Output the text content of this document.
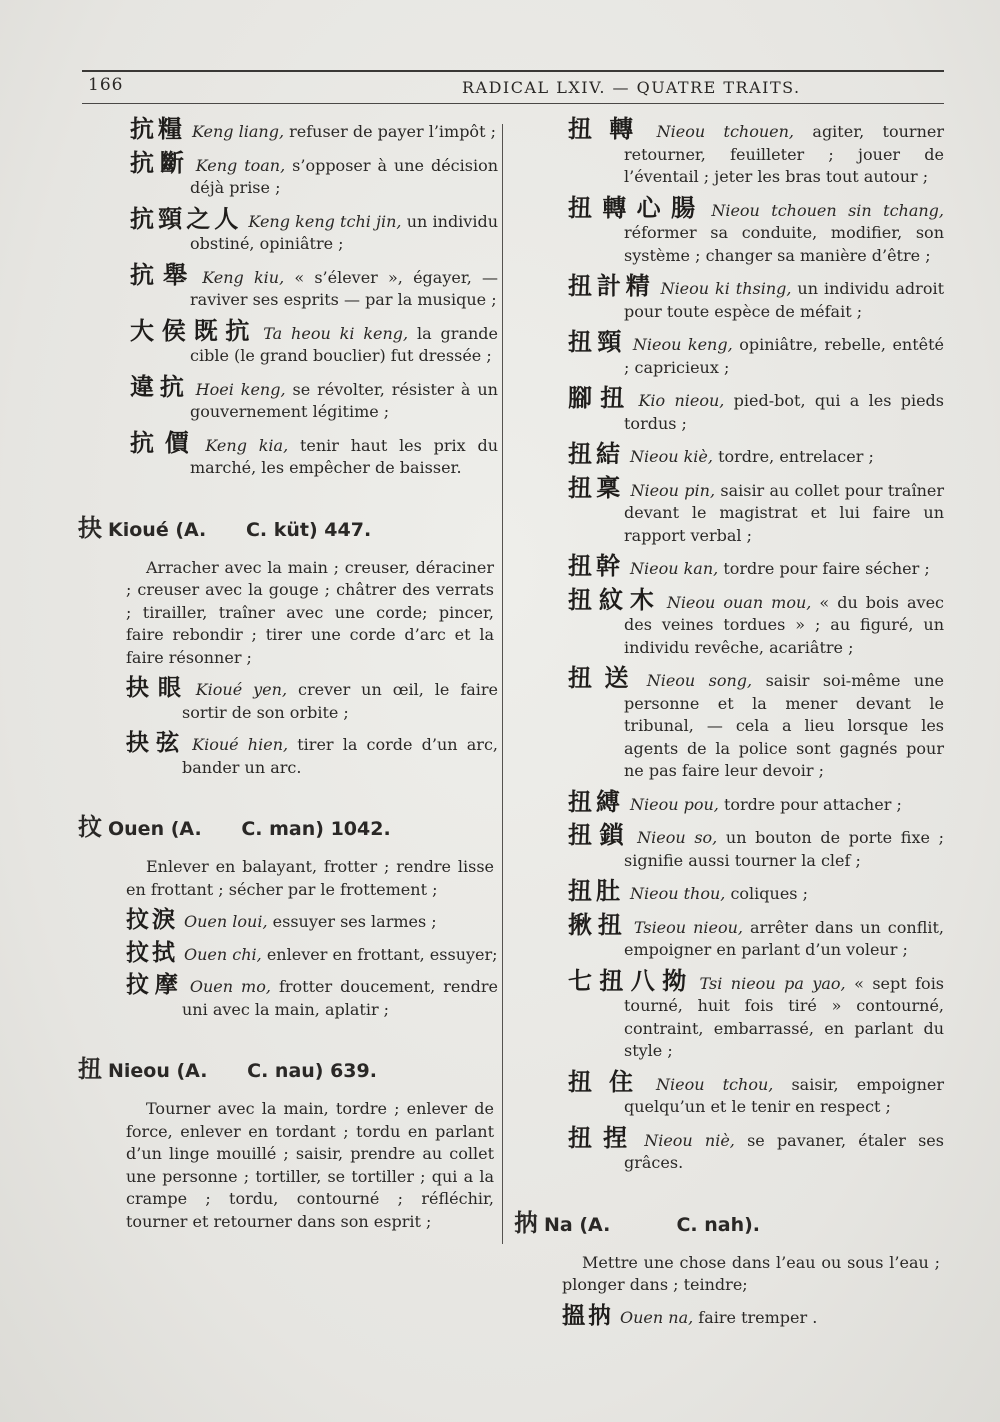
166	RADICAL LXIV. — QUATRE TRAITS.
抗糧 Keng liang, refuser de payer l’impôt ;
抗斷 Keng toan, s’opposer à une décision déjà prise ;
抗頸之人 Keng keng tchi jin, un individu obstiné, opiniâtre ;
抗舉 Keng kiu, « s’élever », égayer, — raviver ses esprits — par la musique ;
大侯既抗 Ta heou ki keng, la grande cible (le grand bouclier) fut dressée ;
違抗 Hoei keng, se révolter, résister à un gouvernement légitime ;
抗價 Keng kia, tenir haut les prix du marché, les empêcher de baisser.
抉 Kioué (A.      C. küt) 447.
Arracher avec la main ; creuser, déraciner ; creuser avec la gouge ; châtrer des verrats ; tirailler, traîner avec une corde; pincer, faire rebondir ; tirer une corde d’arc et la faire résonner ;
抉眼 Kioué yen, crever un œil, le faire sortir de son orbite ;
抉弦 Kioué hien, tirer la corde d’un arc, bander un arc.
抆 Ouen (A.      C. man) 1042.
Enlever en balayant, frotter ; rendre lisse en frottant ; sécher par le frottement ;
抆淚 Ouen loui, essuyer ses larmes ;
抆拭 Ouen chi, enlever en frottant, essuyer;
抆摩 Ouen mo, frotter doucement, rendre uni avec la main, aplatir ;
扭 Nieou (A.      C. nau) 639.
Tourner avec la main, tordre ; enlever de force, enlever en tordant ; tordu en parlant d’un linge mouillé ; saisir, prendre au collet une personne ; tortiller, se tortiller ; qui a la crampe ; tordu, contourné ; réfléchir, tourner et retourner dans son esprit ;
扭轉 Nieou tchouen, agiter, tourner retourner, feuilleter ; jouer de l’éventail ; jeter les bras tout autour ;
扭轉心腸 Nieou tchouen sin tchang, réformer sa conduite, modifier, son système ; changer sa manière d’être ;
扭計精 Nieou ki thsing, un individu adroit pour toute espèce de méfait ;
扭頸 Nieou keng, opiniâtre, rebelle, entêté ; capricieux ;
腳扭 Kio nieou, pied-bot, qui a les pieds tordus ;
扭結 Nieou kiè, tordre, entrelacer ;
扭稟 Nieou pin, saisir au collet pour traîner devant le magistrat et lui faire un rapport verbal ;
扭幹 Nieou kan, tordre pour faire sécher ;
扭紋木 Nieou ouan mou, « du bois avec des veines tordues » ; au figuré, un individu revêche, acariâtre ;
扭送 Nieou song, saisir soi-même une personne et la mener devant le tribunal, — cela a lieu lorsque les agents de la police sont gagnés pour ne pas faire leur devoir ;
扭縛 Nieou pou, tordre pour attacher ;
扭鎖 Nieou so, un bouton de porte fixe ; signifie aussi tourner la clef ;
扭肚 Nieou thou, coliques ;
揪扭 Tsieou nieou, arrêter dans un conflit, empoigner en parlant d’un voleur ;
七扭八拗 Tsi nieou pa yao, « sept fois tourné, huit fois tiré » contourné, contraint, embarrassé, en parlant du style ;
扭住 Nieou tchou, saisir, empoigner quelqu’un et le tenir en respect ;
扭捏 Nieou niè, se pavaner, étaler ses grâces.
抐 Na (A.          C. nah).
Mettre une chose dans l’eau ou sous l’eau ; plonger dans ; teindre;
搵抐 Ouen na, faire tremper .
